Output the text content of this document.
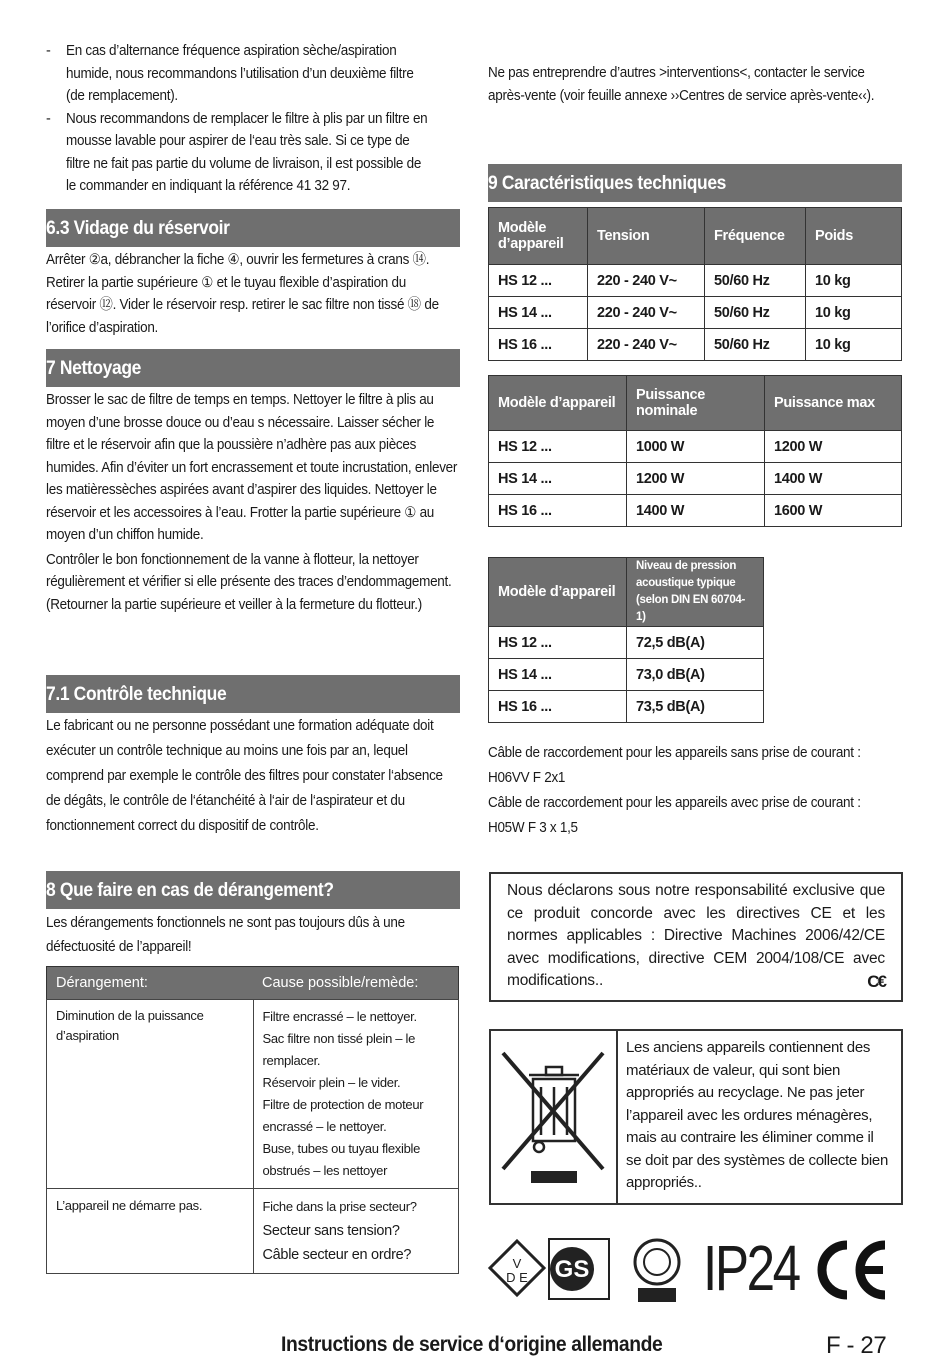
-	En cas d’alternance fréquence aspiration sèche/aspiration humide, nous recommandons l’utilisation d’un deuxième filtre (de remplacement).

-	Nous recommandons de remplacer le filtre à plis par un filtre en mousse lavable pour aspirer de l‘eau très sale. Si ce type de filtre ne fait pas partie du volume de livraison, il est possible de le commander en indiquant la référence 41 32 97.

6.3 Vidage du réservoir

Arrêter ②a, débrancher la fiche ④, ouvrir les fermetures à crans ⑭. Retirer la partie supérieure ① et le tuyau flexible d’aspiration du réservoir ⑫. Vider le réservoir resp. retirer le sac filtre non tissé ⑱ de l’orifice d’aspiration.

7 Nettoyage

Brosser le sac de filtre de temps en temps. Nettoyer le filtre à plis au moyen d’une brosse douce ou d’eau s nécessaire. Laisser sécher le filtre et le réservoir afin que la poussière n’adhère pas aux pièces humides. Afin d’éviter un fort encrassement et toute incrustation, enlever les matièressèches aspirées avant d’aspirer des liquides. Nettoyer le réservoir et les accessoires à l’eau. Frotter la partie supérieure ① au moyen d’un chiffon humide.

Contrôler le bon fonctionnement de la vanne à flotteur, la nettoyer régulièrement et vérifier si elle présente des traces d’endommagement. (Retourner la partie supérieure et veiller à la fermeture du flotteur.)

7.1 Contrôle technique

Le fabricant ou ne personne possédant une formation adéquate doit exécuter un contrôle technique au moins une fois par an, lequel comprend par exemple le contrôle des filtres pour constater l‘absence de dégâts, le contrôle de l‘étanchéité à l‘air de l‘aspirateur et du fonctionnement correct du dispositif de contrôle.

8 Que faire en cas de dérangement?

Les dérangements fonctionnels ne sont pas toujours dûs à une défectuosité de l’appareil!

Dérangement:	Cause possible/remède:
Diminution de la puissance d’aspiration	Filtre encrassé – le nettoyer.
Sac filtre non tissé plein – le remplacer.
Réservoir plein – le vider.
Filtre de protection de moteur encrassé – le nettoyer.
Buse, tubes ou tuyau flexible obstrués – les nettoyer

L’appareil ne démarre pas.	Fiche dans la prise secteur?
Secteur sans tension?
Câble secteur en ordre?

Ne pas entreprendre d’autres >interventions<, contacter le service après-vente (voir feuille annexe ››Centres de service après-vente‹‹).

9 Caractéristiques techniques
Modèle d’appareil	Tension	Fréquence	Poids
HS 12 ...	220 - 240 V~	50/60 Hz	10 kg
HS 14 ...	220 - 240 V~	50/60 Hz	10 kg
HS 16 ...	220 - 240 V~	50/60 Hz	10 kg
Modèle d’appareil	Puissance nominale	Puissance max
HS 12 ...	1000 W	1200 W
HS 14 ...	1200 W	1400 W
HS 16 ...	1400 W	1600 W
Modèle d’appareil	Niveau de pression acoustique typique (selon DIN EN 60704-1)

HS 12 ...	72,5 dB(A)
HS 14 ...	73,0 dB(A)
HS 16 ...	73,5 dB(A)

Câble de raccordement pour les appareils sans prise de courant : H06VV F 2x1

Câble de raccordement pour les appareils avec prise de courant : H05W F 3 x 1,5

Nous déclarons sous notre responsabilité exclusive que ce produit concorde avec les directives CE et les normes applicables : Directive Machines 2006/42/CE avec modifications, directive CEM 2004/108/CE avec modifications..	C€

Les anciens appareils contiennent des matériaux de valeur, qui sont bien appropriés au recyclage. Ne pas jeter l’appareil avec les ordures ménagères, mais au contraire les éliminer comme il se doit par des systèmes de collecte bien appropriés..

V
D E GS IP24
Instructions de service d‘origine allemande	F - 27
